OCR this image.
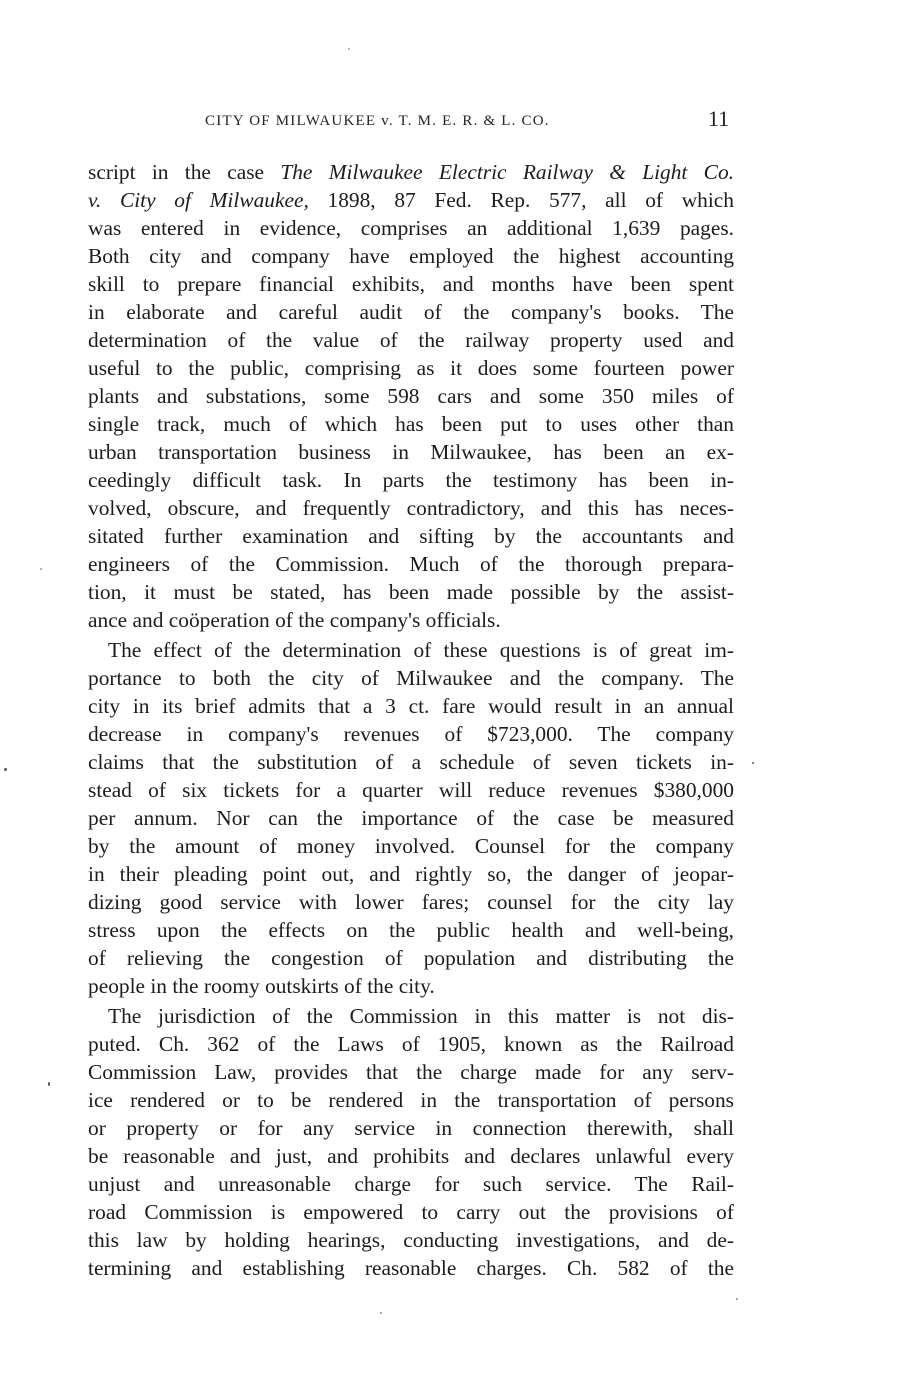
CITY OF MILWAUKEE v. T. M. E. R. & L. CO.	11
script in the case The Milwaukee Electric Railway & Light Co.
v. City of Milwaukee, 1898, 87 Fed. Rep. 577, all of which
was entered in evidence, comprises an additional 1,639 pages.
Both city and company have employed the highest accounting
skill to prepare financial exhibits, and months have been spent
in elaborate and careful audit of the company's books. The
determination of the value of the railway property used and
useful to the public, comprising as it does some fourteen power
plants and substations, some 598 cars and some 350 miles of
single track, much of which has been put to uses other than
urban transportation business in Milwaukee, has been an ex-
ceedingly difficult task. In parts the testimony has been in-
volved, obscure, and frequently contradictory, and this has neces-
sitated further examination and sifting by the accountants and
engineers of the Commission. Much of the thorough prepara-
tion, it must be stated, has been made possible by the assist-
ance and coöperation of the company's officials.
The effect of the determination of these questions is of great im-
portance to both the city of Milwaukee and the company. The
city in its brief admits that a 3 ct. fare would result in an annual
decrease in company's revenues of $723,000. The company
claims that the substitution of a schedule of seven tickets in-
stead of six tickets for a quarter will reduce revenues $380,000
per annum. Nor can the importance of the case be measured
by the amount of money involved. Counsel for the company
in their pleading point out, and rightly so, the danger of jeopar-
dizing good service with lower fares; counsel for the city lay
stress upon the effects on the public health and well-being,
of relieving the congestion of population and distributing the
people in the roomy outskirts of the city.
The jurisdiction of the Commission in this matter is not dis-
puted. Ch. 362 of the Laws of 1905, known as the Railroad
Commission Law, provides that the charge made for any serv-
ice rendered or to be rendered in the transportation of persons
or property or for any service in connection therewith, shall
be reasonable and just, and prohibits and declares unlawful every
unjust and unreasonable charge for such service. The Rail-
road Commission is empowered to carry out the provisions of
this law by holding hearings, conducting investigations, and de-
termining and establishing reasonable charges. Ch. 582 of the
